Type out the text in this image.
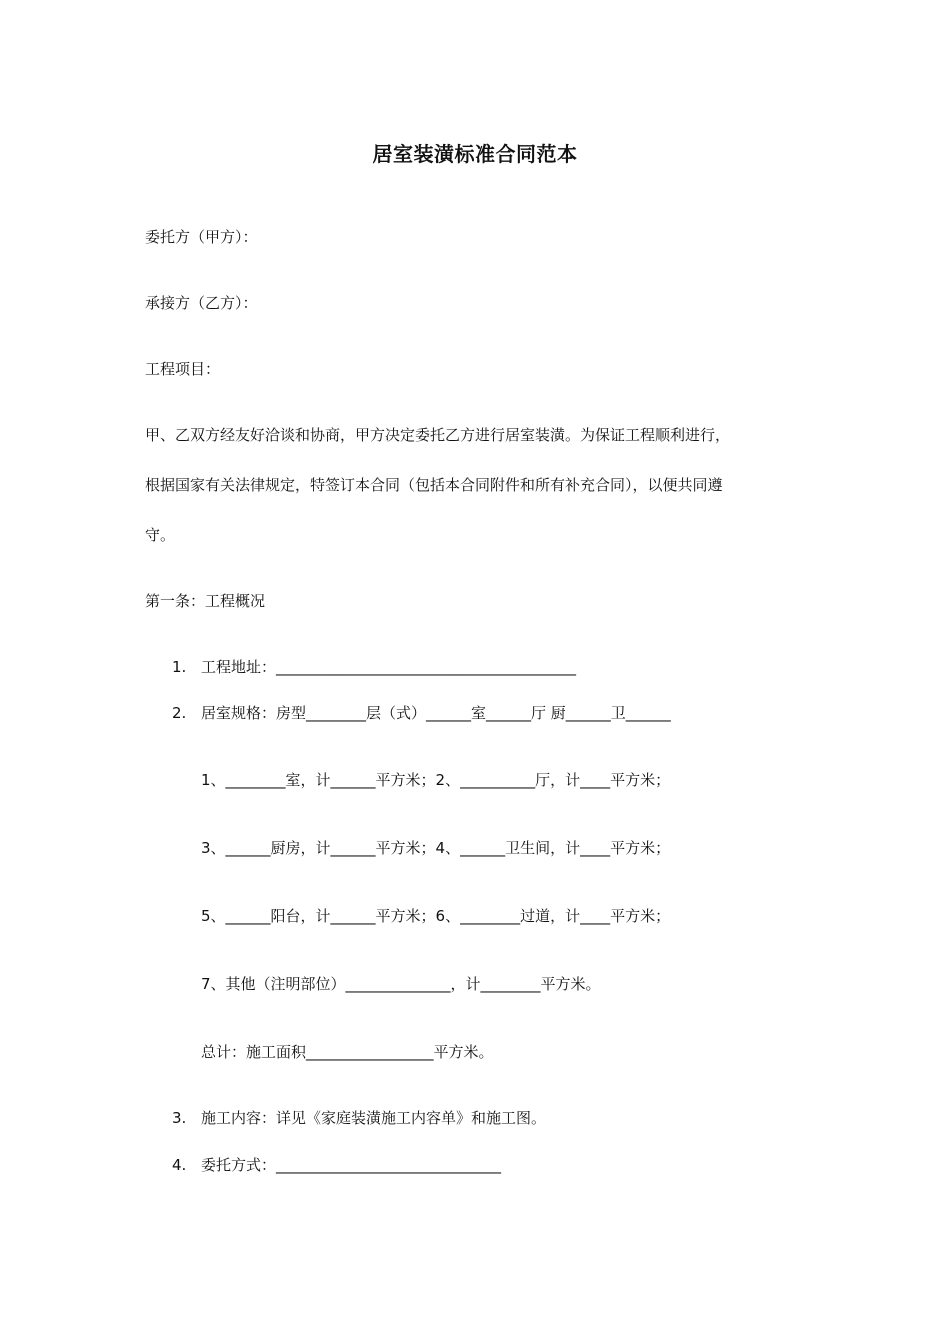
居室装潢标准合同范本
委托方（甲方）：
承接方（乙方）：
工程项目：
甲、乙双方经友好洽谈和协商，甲方决定委托乙方进行居室装潢。为保证工程顺利进行，
根据国家有关法律规定，特签订本合同（包括本合同附件和所有补充合同），以便共同遵
守。
第一条：工程概况
1. 工程地址：________________________________________
2. 居室规格：房型________层（式）______室______厅 厨______卫______
1、________室，计______平方米；2、__________厅，计____平方米；
3、______厨房，计______平方米；4、______卫生间，计____平方米；
5、______阳台，计______平方米；6、________过道，计____平方米；
7、其他（注明部位）______________，计________平方米。
总计：施工面积_________________平方米。
3. 施工内容：详见《家庭装潢施工内容单》和施工图。
4. 委托方式：______________________________
